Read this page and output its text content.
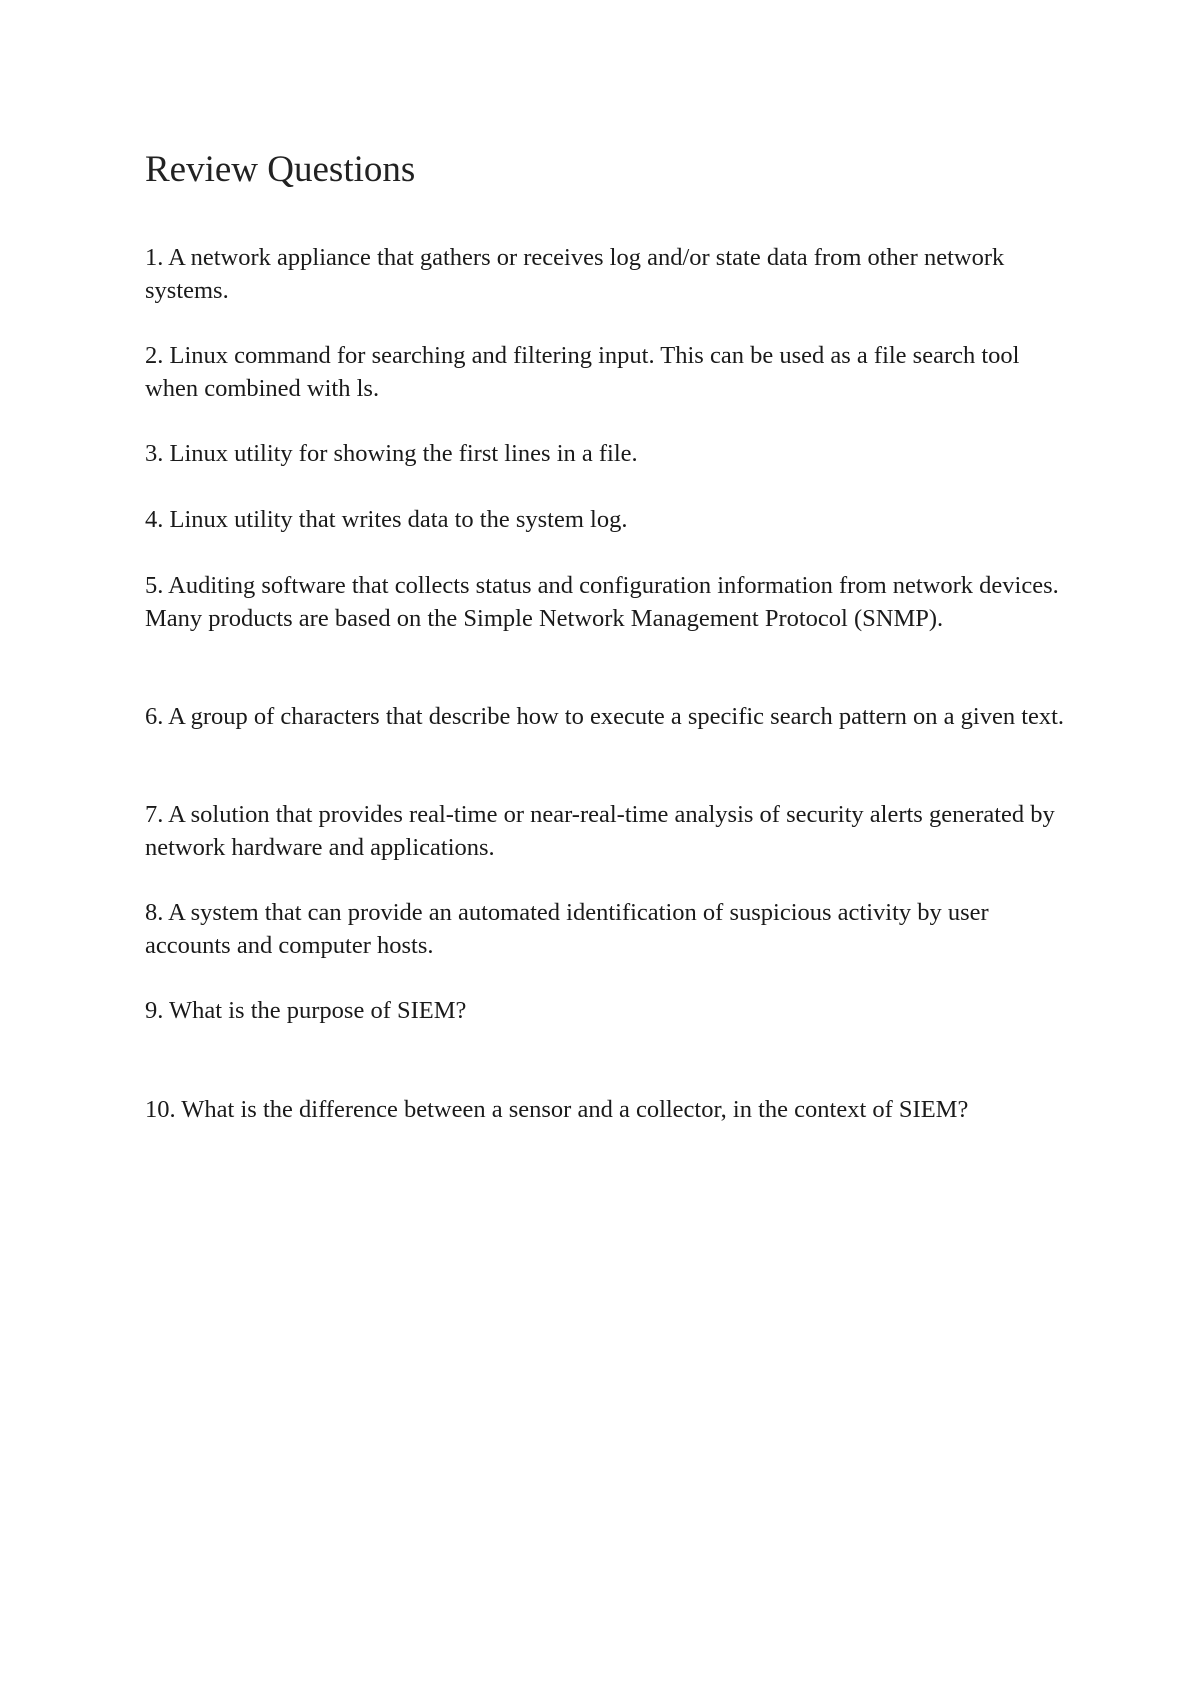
Review Questions

1. A network appliance that gathers or receives log and/or state data from other network systems.

2. Linux command for searching and filtering input. This can be used as a file search tool when combined with ls.

3. Linux utility for showing the first lines in a file.

4. Linux utility that writes data to the system log.

5. Auditing software that collects status and configuration information from network devices. Many products are based on the Simple Network Management Protocol (SNMP).

6. A group of characters that describe how to execute a specific search pattern on a given text.

7. A solution that provides real-time or near-real-time analysis of security alerts generated by network hardware and applications.

8. A system that can provide an automated identification of suspicious activity by user accounts and computer hosts.

9. What is the purpose of SIEM?

10. What is the difference between a sensor and a collector, in the context of SIEM?
